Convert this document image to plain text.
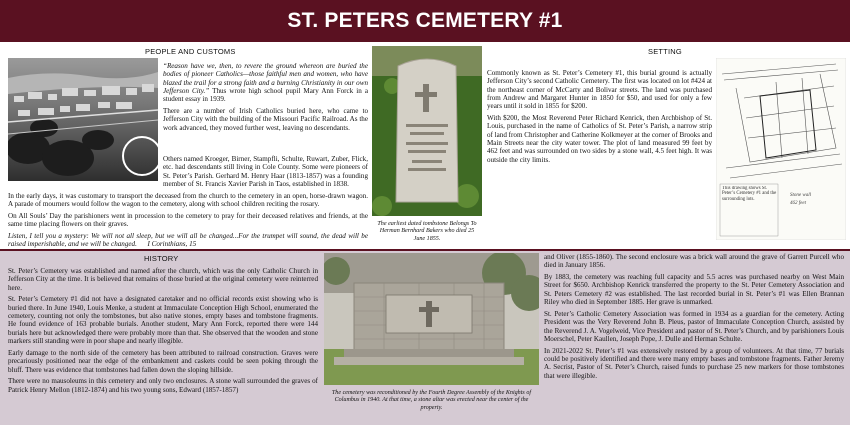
ST. PETERS CEMETERY #1
PEOPLE AND CUSTOMS

“Reason have we, then, to revere the ground whereon are buried the bodies of pioneer Catholics—those faithful men and women, who have blazed the trail for a strong faith and a burning Christianity in our own Jefferson City.” Thus wrote high school pupil Mary Ann Forck in a student essay in 1939.

There are a number of Irish Catholics buried here, who came to Jefferson City with the building of the Missouri Pacific Railroad. As the work advanced, they moved further west, leaving no descendants.

Others named Kroeger, Birner, Stampfli, Schulte, Ruwart, Zuber, Flick, etc. had descendants still living in Cole County. Some were pioneers of St. Peter’s Parish. Gerhard M. Henry Haar (1813-1857) was a founding member of St. Francis Xavier Parish in Taos, established in 1838.

In the early days, it was customary to transport the deceased from the church to the cemetery in an open, horse-drawn wagon. A parade of mourners would follow the wagon to the cemetery, along with school children reciting the rosary.

On All Souls’ Day the parishioners went in procession to the cemetery to pray for their deceased relatives and friends, at the same time placing flowers on their graves.

Listen, I tell you a mystery: We will not all sleep, but we will all be changed...For the trumpet will sound, the dead will be raised imperishable, and we will be changed. I Corinthians, 15

The earliest dated tombstone Belongs To Herman Bernhard Bakers who died 25 June 1855.
SETTING

Commonly known as St. Peter’s Cemetery #1, this burial ground is actually Jefferson City’s second Catholic Cemetery. The first was located on lot #424 at the northeast corner of McCarty and Bolivar streets. The land was purchased from Andrew and Margaret Hunter in 1850 for $50, and used for only a few years until it sold in 1855 for $200.

With $200, the Most Reverend Peter Richard Kenrick, then Archbishop of St. Louis, purchased in the name of Catholics of St. Peter’s Parish, a narrow strip of land from Christopher and Catherine Kolkmeyer at the corner of Brooks and Main Streets near the city water tower. The plot of land measured 99 feet by 462 feet and was surrounded on two sides by a stone wall, 4.5 feet high. It was outside the city limits.

Stone wall
462 feet
This drawing shows St. Peter’s Cemetery #1 and the surrounding lots.
HISTORY

St. Peter’s Cemetery was established and named after the church, which was the only Catholic Church in Jefferson City at the time. It is believed that remains of those buried at the original cemetery were reinterred here.

St. Peter’s Cemetery #1 did not have a designated caretaker and no official records exist showing who is buried there. In June 1940, Louis Menke, a student at Immaculate Conception High School, enumerated the cemetery, counting not only the tombstones, but also native stones, empty bases and tombstone fragments. He found evidence of 163 probable burials. Another student, Mary Ann Forck, reported there were 144 burials here but acknowledged there were probably more than that. She observed that the wooden and stone markers still standing were in poor shape and nearly illegible.

Early damage to the north side of the cemetery has been attributed to railroad construction. Graves were precariously positioned near the edge of the embankment and caskets could be seen poking through the bluff. There was evidence that tombstones had fallen down the sloping hillside.

There were no mausoleums in this cemetery and only two enclosures. A stone wall surrounded the graves of Patrick Henry Mellon (1812-1874) and his two young sons, Edward (1857-1857)	The cemetery was reconditioned by the Fourth Degree Assembly of the Knights of Columbus in 1940. At that time, a stone altar was erected near the center of the property.

and Oliver (1855-1860). The second enclosure was a brick wall around the grave of Garrett Purcell who died in January 1856.

By 1883, the cemetery was reaching full capacity and 5.5 acres was purchased nearby on West Main Street for $650. Archbishop Kenrick transferred the property to the St. Peter Cemetery Association and St. Peters Cemetery #2 was established. The last recorded burial in St. Peter’s #1 was Ellen Brannan Riley who died in September 1885. Her grave is unmarked.

St. Peter’s Catholic Cemetery Association was formed in 1934 as a guardian for the cemetery. Acting President was the Very Reverend John B. Pleus, pastor of Immaculate Conception Church, assisted by the Reverend J. A. Vogelweid, Vice President and pastor of St. Peter’s Church, and by parishioners Louis Moerschel, Peter Kaullen, Joseph Pope, J. Dulle and Herman Schulte.

In 2021-2022 St. Peter’s #1 was extensively restored by a group of volunteers. At that time, 77 burials could be positively identified and there were many empty bases and tombstone fragments. Father Jeremy A. Secrist, Pastor of St. Peter’s Church, raised funds to purchase 25 new markers for those tombstones that were illegible.
